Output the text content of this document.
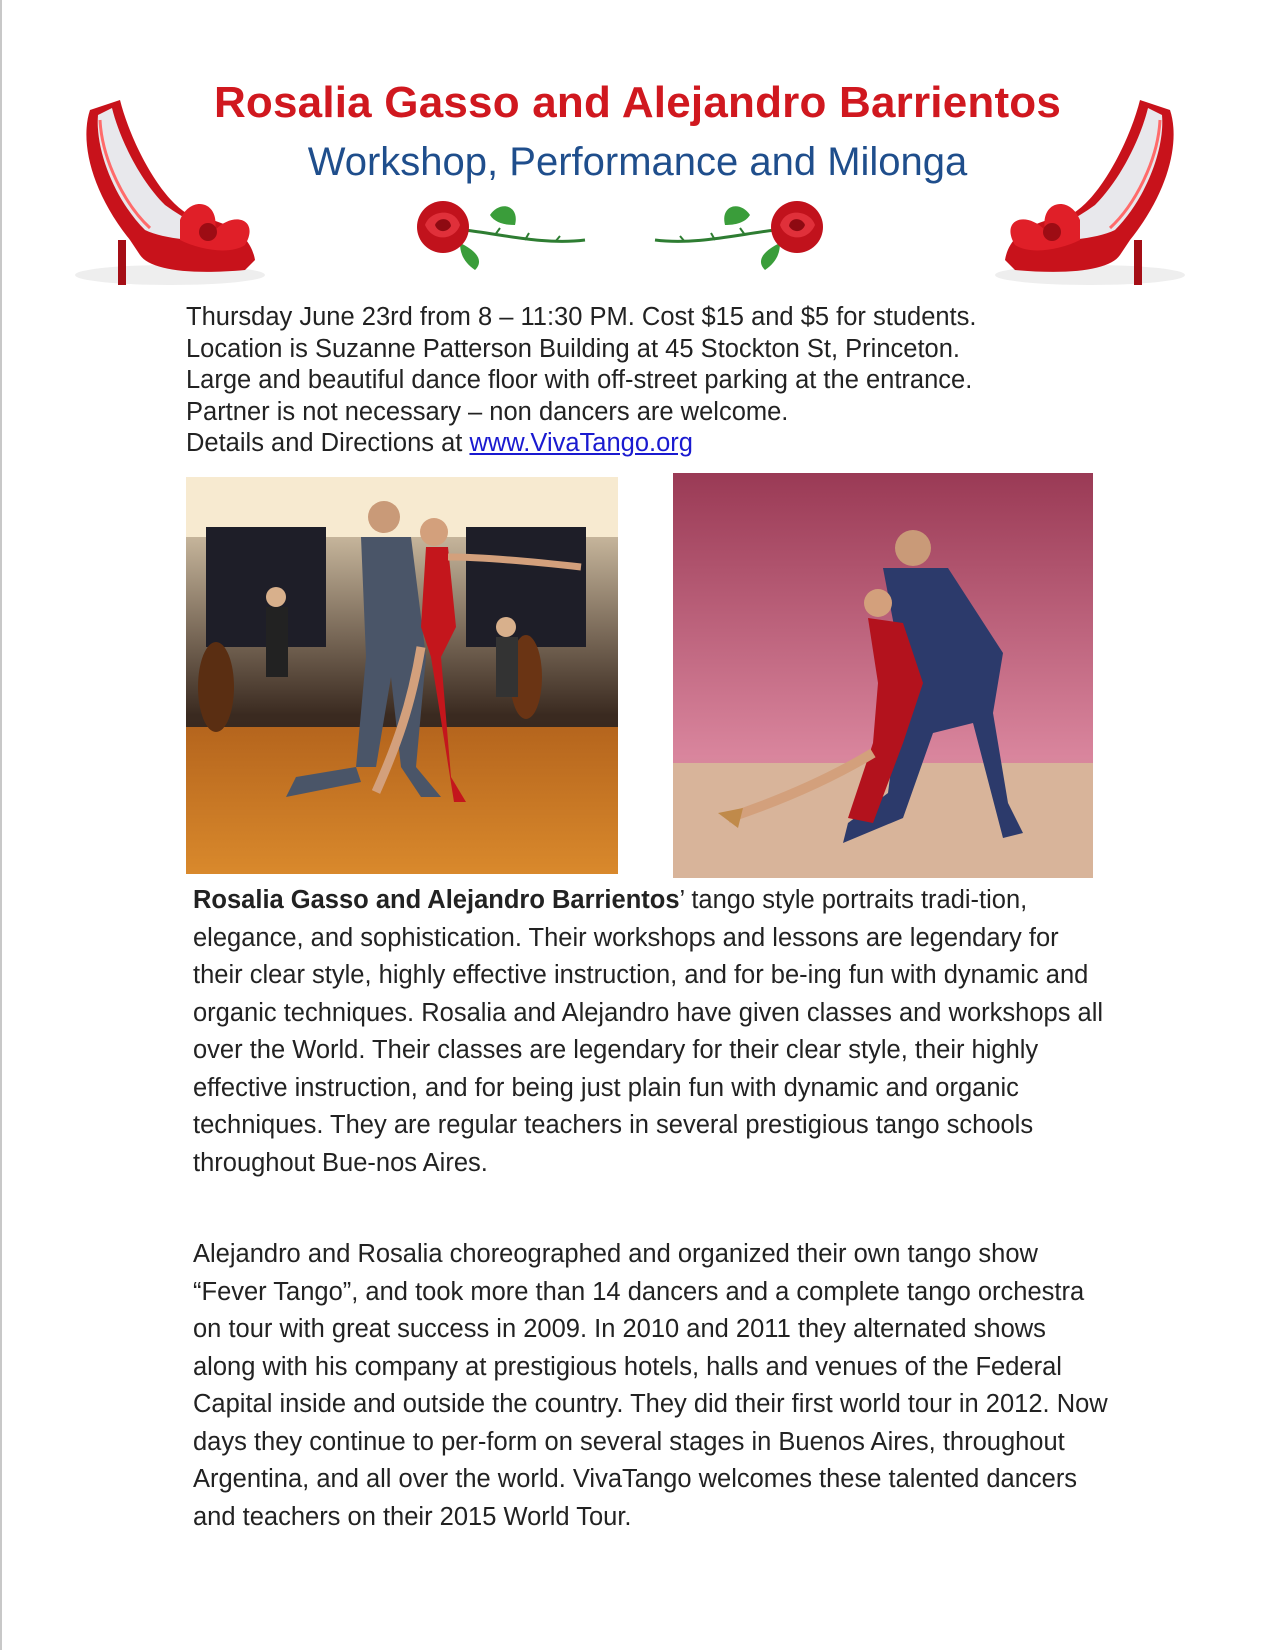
Rosalia Gasso and Alejandro Barrientos
Workshop, Performance and Milonga
Thursday June 23rd from 8 – 11:30 PM. Cost $15 and $5 for students.
Location is Suzanne Patterson Building at 45 Stockton St, Princeton.
Large and beautiful dance floor with off-street parking at the entrance.
Partner is not necessary – non dancers are welcome.
Details and Directions at www.VivaTango.org

Rosalia Gasso and Alejandro Barrientos’ tango style portraits tradi-tion, elegance, and sophistication. Their workshops and lessons are legendary for their clear style, highly effective instruction, and for be-ing fun with dynamic and organic techniques. Rosalia and Alejandro have given classes and workshops all over the World. Their classes are legendary for their clear style, their highly effective instruction, and for being just plain fun with dynamic and organic techniques. They are regular teachers in several prestigious tango schools throughout Bue-nos Aires.

Alejandro and Rosalia choreographed and organized their own tango show “Fever Tango”, and took more than 14 dancers and a complete tango orchestra on tour with great success in 2009. In 2010 and 2011 they alternated shows along with his company at prestigious hotels, halls and venues of the Federal Capital inside and outside the country. They did their first world tour in 2012. Now days they continue to per-form on several stages in Buenos Aires, throughout Argentina, and all over the world. VivaTango welcomes these talented dancers and teachers on their 2015 World Tour.
